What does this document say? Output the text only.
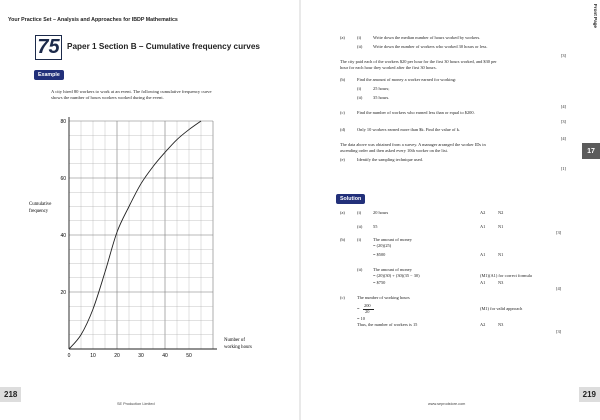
Your Practice Set – Analysis and Approaches for IBDP Mathematics
75 Paper 1 Section B – Cumulative frequency curves
Example
A city hired 80 workers to work at an event. The following cumulative frequency curve
shows the number of hours workers worked during the event.
0	10	20	30	40	50
20
40
60
80
Cumulative
frequency
Number of
working hours
218
SE Production Limited
Front Page
17
(a)	(i)	Write down the median number of hours worked by workers.
(ii) Write down the number of workers who worked 30 hours or less.
[3]
The city paid each of the workers $20 per hour for the first 30 hours worked, and $30 per
hour for each hour they worked after the first 30 hours.
(b)	Find the amount of money a worker earned for working:
(i)	25 hours;
(ii) 35 hours.
[4]
(c)	Find the number of workers who earned less than or equal to $200.
[3]
(d)	Only 10 workers earned more than $k. Find the value of k.
[4]
The data above was obtained from a survey. A manager arranged the worker IDs in
ascending order and then asked every 10th worker on the list.
(e)	Identify the sampling technique used.
[1]
Solution
(a)	(i)	20 hours	A2	N2
(ii) 55	A1	N1
[3]
(b)	(i)	The amount of money
= (20)(25)
= $500	A1	N1
(ii) The amount of money
= (20)(30) + (30)(35 − 30)	(M1)(A1) for correct formula
= $750	A1	N3
[4]
(c)	The number of working hours
=
200
20
(M1) for valid approach
= 10
Thus, the number of workers is 15	A2	N3
[3]
219
www.seprodstore.com
